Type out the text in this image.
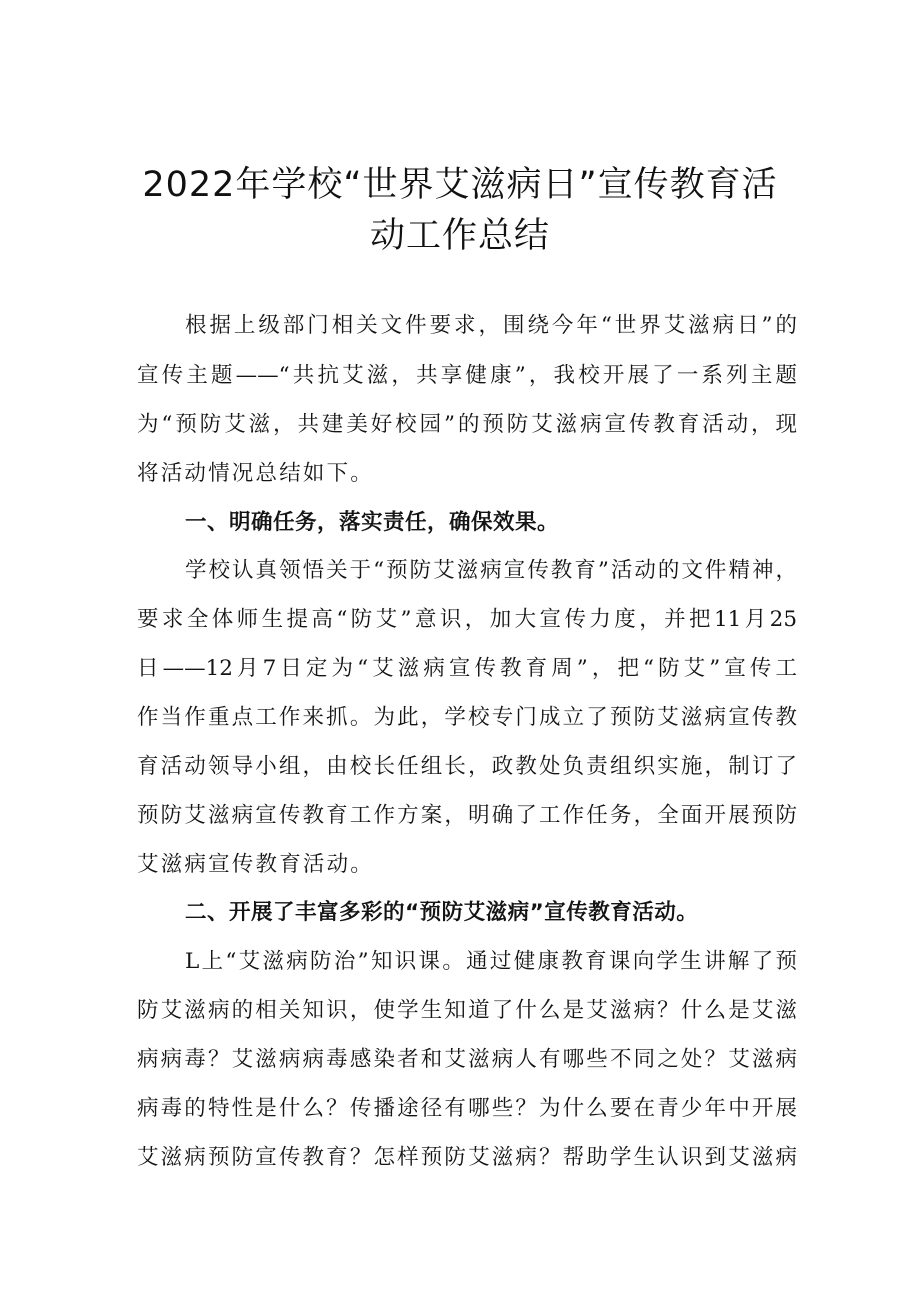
2022年学校“世界艾滋病日”宣传教育活
动工作总结
根据上级部门相关文件要求，围绕今年“世界艾滋病日”的
宣传主题——“共抗艾滋，共享健康”，我校开展了一系列主题
为“预防艾滋，共建美好校园”的预防艾滋病宣传教育活动，现
将活动情况总结如下。
一、明确任务，落实责任，确保效果。
学校认真领悟关于“预防艾滋病宣传教育”活动的文件精神，
要求全体师生提高“防艾”意识，加大宣传力度，并把11月25
日——12月7日定为“艾滋病宣传教育周”，把“防艾”宣传工
作当作重点工作来抓。为此，学校专门成立了预防艾滋病宣传教
育活动领导小组，由校长任组长，政教处负责组织实施，制订了
预防艾滋病宣传教育工作方案，明确了工作任务，全面开展预防
艾滋病宣传教育活动。
二、开展了丰富多彩的“预防艾滋病”宣传教育活动。
L上“艾滋病防治”知识课。通过健康教育课向学生讲解了预
防艾滋病的相关知识，使学生知道了什么是艾滋病？什么是艾滋
病病毒？艾滋病病毒感染者和艾滋病人有哪些不同之处？艾滋病
病毒的特性是什么？传播途径有哪些？为什么要在青少年中开展
艾滋病预防宣传教育？怎样预防艾滋病？帮助学生认识到艾滋病
